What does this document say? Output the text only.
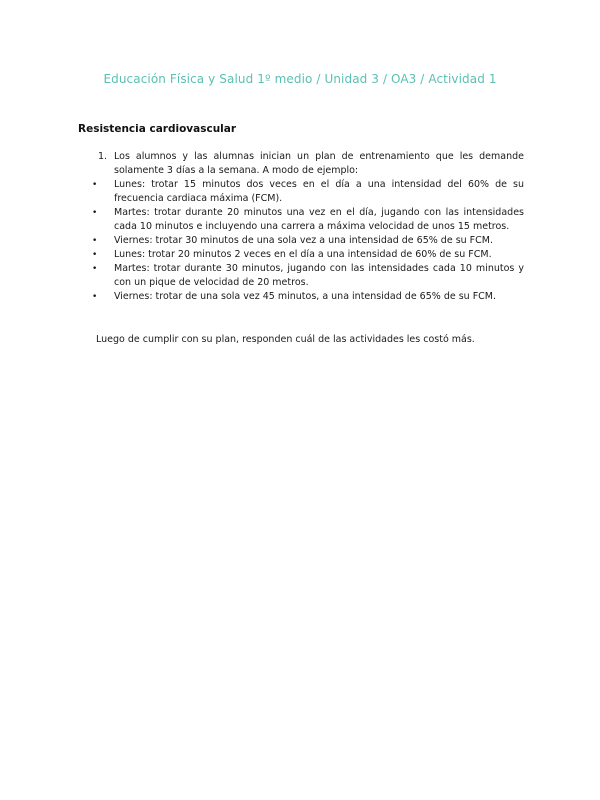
Educación Física y Salud 1º medio / Unidad 3 / OA3 / Actividad 1
Resistencia cardiovascular
1. Los alumnos y las alumnas inician un plan de entrenamiento que les demande solamente 3 días a la semana. A modo de ejemplo:
• Lunes: trotar 15 minutos dos veces en el día a una intensidad del 60% de su frecuencia cardiaca máxima (FCM).
• Martes: trotar durante 20 minutos una vez en el día, jugando con las intensidades cada 10 minutos e incluyendo una carrera a máxima velocidad de unos 15 metros.
• Viernes: trotar 30 minutos de una sola vez a una intensidad de 65% de su FCM.
• Lunes: trotar 20 minutos 2 veces en el día a una intensidad de 60% de su FCM.
• Martes: trotar durante 30 minutos, jugando con las intensidades cada 10 minutos y con un pique de velocidad de 20 metros.
• Viernes: trotar de una sola vez 45 minutos, a una intensidad de 65% de su FCM.
Luego de cumplir con su plan, responden cuál de las actividades les costó más.
